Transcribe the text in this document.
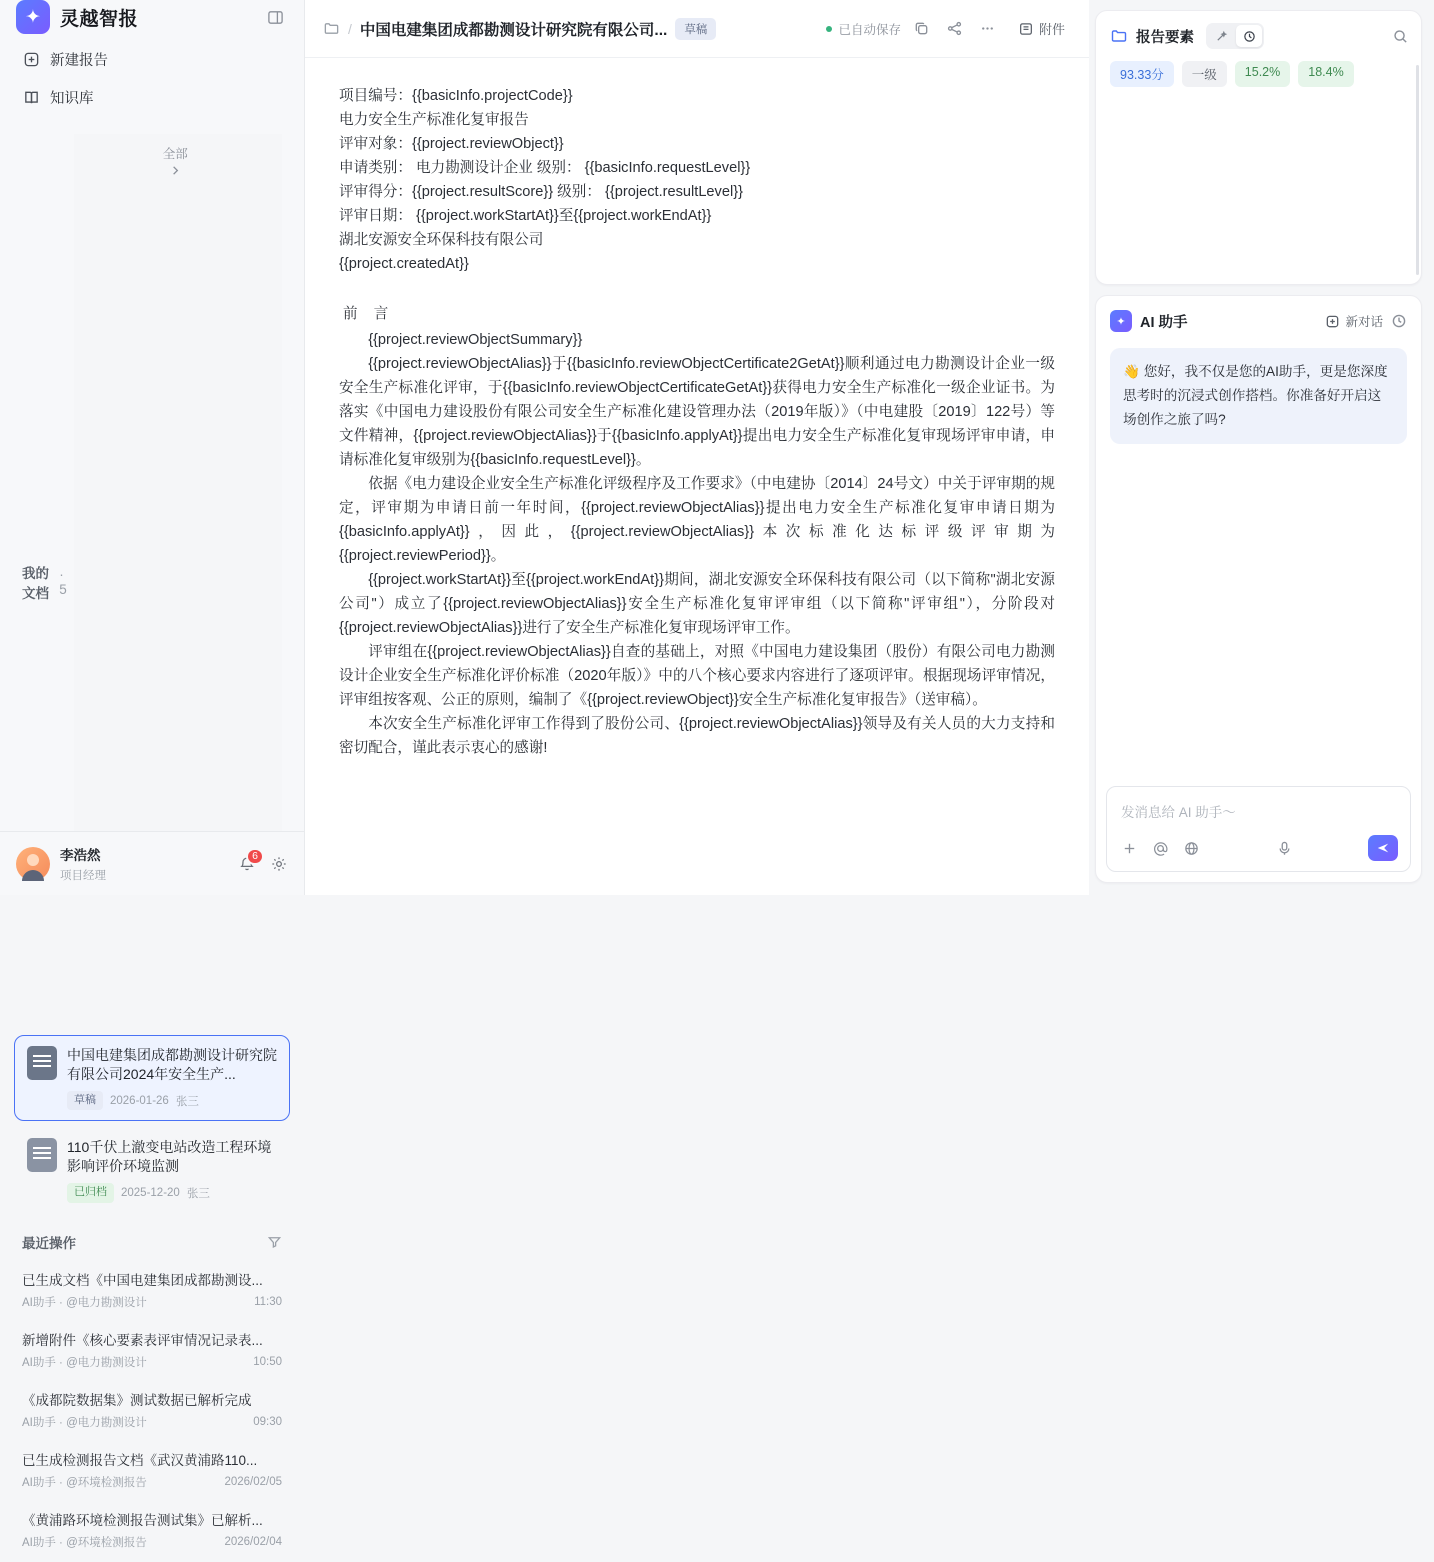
✦	灵越智报
新建报告
知识库
我的文档
· 5
全部
中国电建集团成都勘测设计研究院有限公司2024年安全生产...
草稿	2026-01-26 张三
110千伏上澈变电站改造工程环境影响评价环境监测
已归档	2025-12-20 张三
最近操作
已生成文档《中国电建集团成都勘测设...
AI助手 · @电力勘测设计	11:30
新增附件《核心要素表评审情况记录表...
AI助手 · @电力勘测设计	10:50
《成都院数据集》测试数据已解析完成
AI助手 · @电力勘测设计	09:30
已生成检测报告文档《武汉黄浦路110...
AI助手 · @环境检测报告	2026/02/05
《黄浦路环境检测报告测试集》已解析...
AI助手 · @环境检测报告	2026/02/04
李浩然
项目经理
6
/ 中国电建集团成都勘测设计研究院有限公司...	草稿	已自动保存	附件

项目编号：{{basicInfo.projectCode}}

电力安全生产标准化复审报告

评审对象：{{project.reviewObject}}

申请类别： 电力勘测设计企业 级别： {{basicInfo.requestLevel}}

评审得分：{{project.resultScore}} 级别： {{project.resultLevel}}

评审日期： {{project.workStartAt}}至{{project.workEndAt}}

湖北安源安全环保科技有限公司

{{project.createdAt}}

前 言

{{project.reviewObjectSummary}}

{{project.reviewObjectAlias}}于{{basicInfo.reviewObjectCertificate2GetAt}}顺利通过电力勘测设计企业一级安全生产标准化评审，于{{basicInfo.reviewObjectCertificateGetAt}}获得电力安全生产标准化一级企业证书。为落实《中国电力建设股份有限公司安全生产标准化建设管理办法（2019年版）》（中电建股〔2019〕122号）等文件精神，{{project.reviewObjectAlias}}于{{basicInfo.applyAt}}提出电力安全生产标准化复审现场评审申请，申请标准化复审级别为{{basicInfo.requestLevel}}。

依据《电力建设企业安全生产标准化评级程序及工作要求》（中电建协〔2014〕24号文）中关于评审期的规定，评审期为申请日前一年时间，{{project.reviewObjectAlias}}提出电力安全生产标准化复审申请日期为{{basicInfo.applyAt}}，因此，{{project.reviewObjectAlias}}本次标准化达标评级评审期为{{project.reviewPeriod}}。

{{project.workStartAt}}至{{project.workEndAt}}期间，湖北安源安全环保科技有限公司（以下简称"湖北安源公司"）成立了{{project.reviewObjectAlias}}安全生产标准化复审评审组（以下简称"评审组"），分阶段对{{project.reviewObjectAlias}}进行了安全生产标准化复审现场评审工作。

评审组在{{project.reviewObjectAlias}}自查的基础上，对照《中国电力建设集团（股份）有限公司电力勘测设计企业安全生产标准化评价标准（2020年版）》中的八个核心要求内容进行了逐项评审。根据现场评审情况，评审组按客观、公正的原则，编制了《{{project.reviewObject}}安全生产标准化复审报告》（送审稿）。

本次安全生产标准化评审工作得到了股份公司、{{project.reviewObjectAlias}}领导及有关人员的大力支持和密切配合，谨此表示衷心的感谢!

报告要素
93.33分	一级	15.2%	18.4%
✦ AI 助手	新对话
👋 您好，我不仅是您的AI助手，更是您深度思考时的沉浸式创作搭档。你准备好开启这场创作之旅了吗?
发消息给 AI 助手～
